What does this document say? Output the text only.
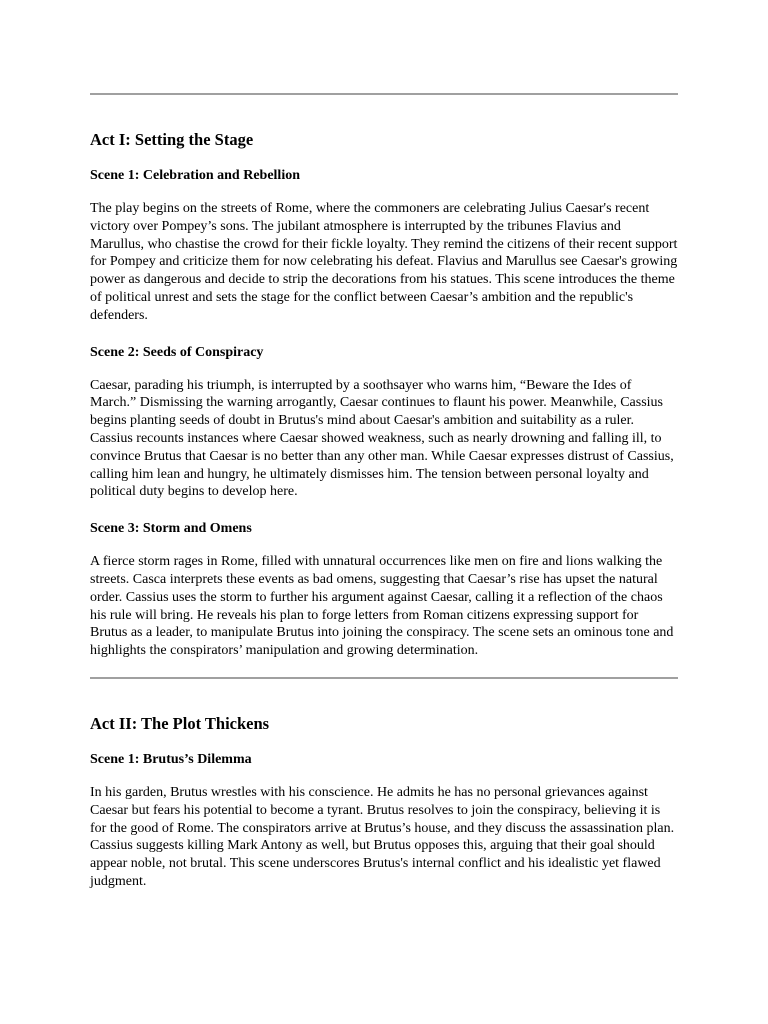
Act I: Setting the Stage
Scene 1: Celebration and Rebellion

The play begins on the streets of Rome, where the commoners are celebrating Julius Caesar's recent victory over Pompey’s sons. The jubilant atmosphere is interrupted by the tribunes Flavius and Marullus, who chastise the crowd for their fickle loyalty. They remind the citizens of their recent support for Pompey and criticize them for now celebrating his defeat. Flavius and Marullus see Caesar's growing power as dangerous and decide to strip the decorations from his statues. This scene introduces the theme of political unrest and sets the stage for the conflict between Caesar’s ambition and the republic's defenders.

Scene 2: Seeds of Conspiracy

Caesar, parading his triumph, is interrupted by a soothsayer who warns him, “Beware the Ides of March.” Dismissing the warning arrogantly, Caesar continues to flaunt his power. Meanwhile, Cassius begins planting seeds of doubt in Brutus's mind about Caesar's ambition and suitability as a ruler. Cassius recounts instances where Caesar showed weakness, such as nearly drowning and falling ill, to convince Brutus that Caesar is no better than any other man. While Caesar expresses distrust of Cassius, calling him lean and hungry, he ultimately dismisses him. The tension between personal loyalty and political duty begins to develop here.

Scene 3: Storm and Omens

A fierce storm rages in Rome, filled with unnatural occurrences like men on fire and lions walking the streets. Casca interprets these events as bad omens, suggesting that Caesar’s rise has upset the natural order. Cassius uses the storm to further his argument against Caesar, calling it a reflection of the chaos his rule will bring. He reveals his plan to forge letters from Roman citizens expressing support for Brutus as a leader, to manipulate Brutus into joining the conspiracy. The scene sets an ominous tone and highlights the conspirators’ manipulation and growing determination.

Act II: The Plot Thickens
Scene 1: Brutus’s Dilemma

In his garden, Brutus wrestles with his conscience. He admits he has no personal grievances against Caesar but fears his potential to become a tyrant. Brutus resolves to join the conspiracy, believing it is for the good of Rome. The conspirators arrive at Brutus’s house, and they discuss the assassination plan. Cassius suggests killing Mark Antony as well, but Brutus opposes this, arguing that their goal should appear noble, not brutal. This scene underscores Brutus's internal conflict and his idealistic yet flawed judgment.
